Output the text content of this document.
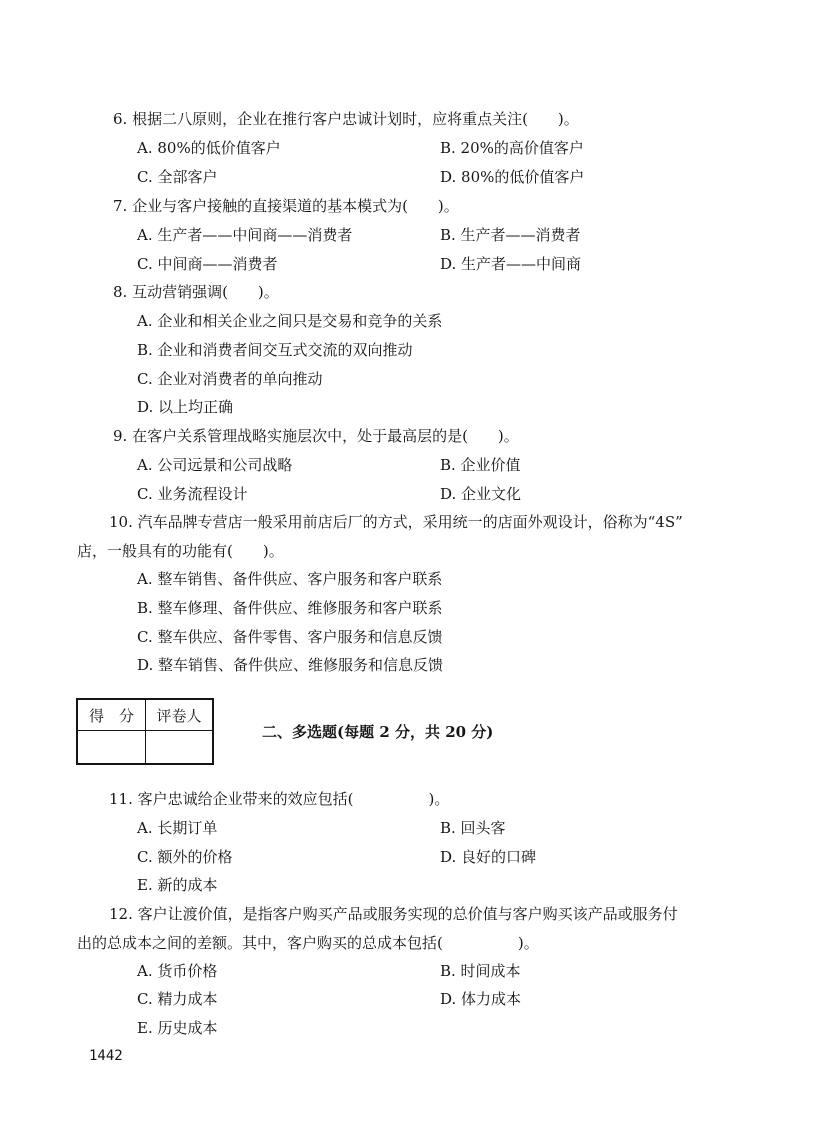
6. 根据二八原则，企业在推行客户忠诚计划时，应将重点关注(　　)。
A. 80%的低价值客户	B. 20%的高价值客户
C. 全部客户	D. 80%的低价值客户
7. 企业与客户接触的直接渠道的基本模式为(　　)。
A. 生产者——中间商——消费者	B. 生产者——消费者
C. 中间商——消费者	D. 生产者——中间商
8. 互动营销强调(　　)。
A. 企业和相关企业之间只是交易和竞争的关系
B. 企业和消费者间交互式交流的双向推动
C. 企业对消费者的单向推动
D. 以上均正确
9. 在客户关系管理战略实施层次中，处于最高层的是(　　)。
A. 公司远景和公司战略	B. 企业价值
C. 业务流程设计	D. 企业文化
10. 汽车品牌专营店一般采用前店后厂的方式，采用统一的店面外观设计，俗称为“4S”
店，一般具有的功能有(　　)。
A. 整车销售、备件供应、客户服务和客户联系
B. 整车修理、备件供应、维修服务和客户联系
C. 整车供应、备件零售、客户服务和信息反馈
D. 整车销售、备件供应、维修服务和信息反馈
得　分	评卷人

二、多选题(每题 2 分，共 20 分)
11. 客户忠诚给企业带来的效应包括(　　　　　)。
A. 长期订单	B. 回头客
C. 额外的价格	D. 良好的口碑
E. 新的成本
12. 客户让渡价值，是指客户购买产品或服务实现的总价值与客户购买该产品或服务付
出的总成本之间的差额。其中，客户购买的总成本包括(　　　　　)。
A. 货币价格	B. 时间成本
C. 精力成本	D. 体力成本
E. 历史成本
1442
